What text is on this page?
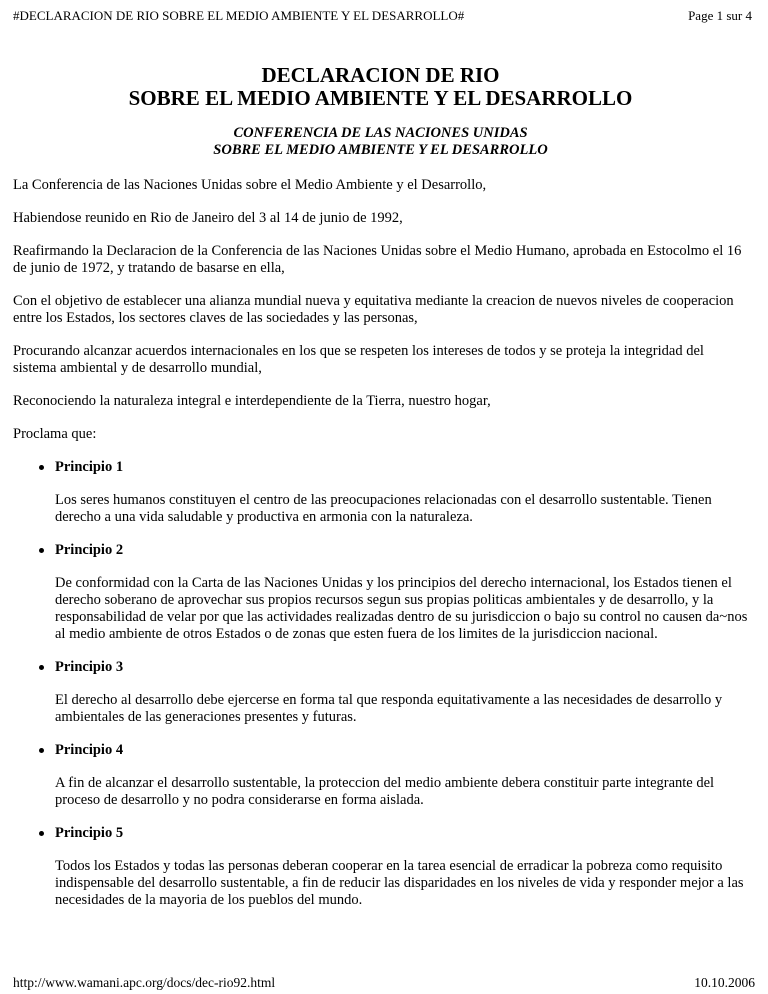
#DECLARACION DE RIO SOBRE EL MEDIO AMBIENTE Y EL DESARROLLO#	Page 1 sur 4
DECLARACION DE RIO
SOBRE EL MEDIO AMBIENTE Y EL DESARROLLO
CONFERENCIA DE LAS NACIONES UNIDAS
SOBRE EL MEDIO AMBIENTE Y EL DESARROLLO

La Conferencia de las Naciones Unidas sobre el Medio Ambiente y el Desarrollo,

Habiendose reunido en Rio de Janeiro del 3 al 14 de junio de 1992,

Reafirmando la Declaracion de la Conferencia de las Naciones Unidas sobre el Medio Humano, aprobada en Estocolmo el 16 de junio de 1972, y tratando de basarse en ella,

Con el objetivo de establecer una alianza mundial nueva y equitativa mediante la creacion de nuevos niveles de cooperacion entre los Estados, los sectores claves de las sociedades y las personas,

Procurando alcanzar acuerdos internacionales en los que se respeten los intereses de todos y se proteja la integridad del sistema ambiental y de desarrollo mundial,

Reconociendo la naturaleza integral e interdependiente de la Tierra, nuestro hogar,

Proclama que:

Principio 1

Los seres humanos constituyen el centro de las preocupaciones relacionadas con el desarrollo sustentable. Tienen derecho a una vida saludable y productiva en armonia con la naturaleza.

Principio 2

De conformidad con la Carta de las Naciones Unidas y los principios del derecho internacional, los Estados tienen el derecho soberano de aprovechar sus propios recursos segun sus propias politicas ambientales y de desarrollo, y la responsabilidad de velar por que las actividades realizadas dentro de su jurisdiccion o bajo su control no causen da~nos al medio ambiente de otros Estados o de zonas que esten fuera de los limites de la jurisdiccion nacional.

Principio 3

El derecho al desarrollo debe ejercerse en forma tal que responda equitativamente a las necesidades de desarrollo y ambientales de las generaciones presentes y futuras.

Principio 4

A fin de alcanzar el desarrollo sustentable, la proteccion del medio ambiente debera constituir parte integrante del proceso de desarrollo y no podra considerarse en forma aislada.

Principio 5

Todos los Estados y todas las personas deberan cooperar en la tarea esencial de erradicar la pobreza como requisito indispensable del desarrollo sustentable, a fin de reducir las disparidades en los niveles de vida y responder mejor a las necesidades de la mayoria de los pueblos del mundo.

http://www.wamani.apc.org/docs/dec-rio92.html	10.10.2006
